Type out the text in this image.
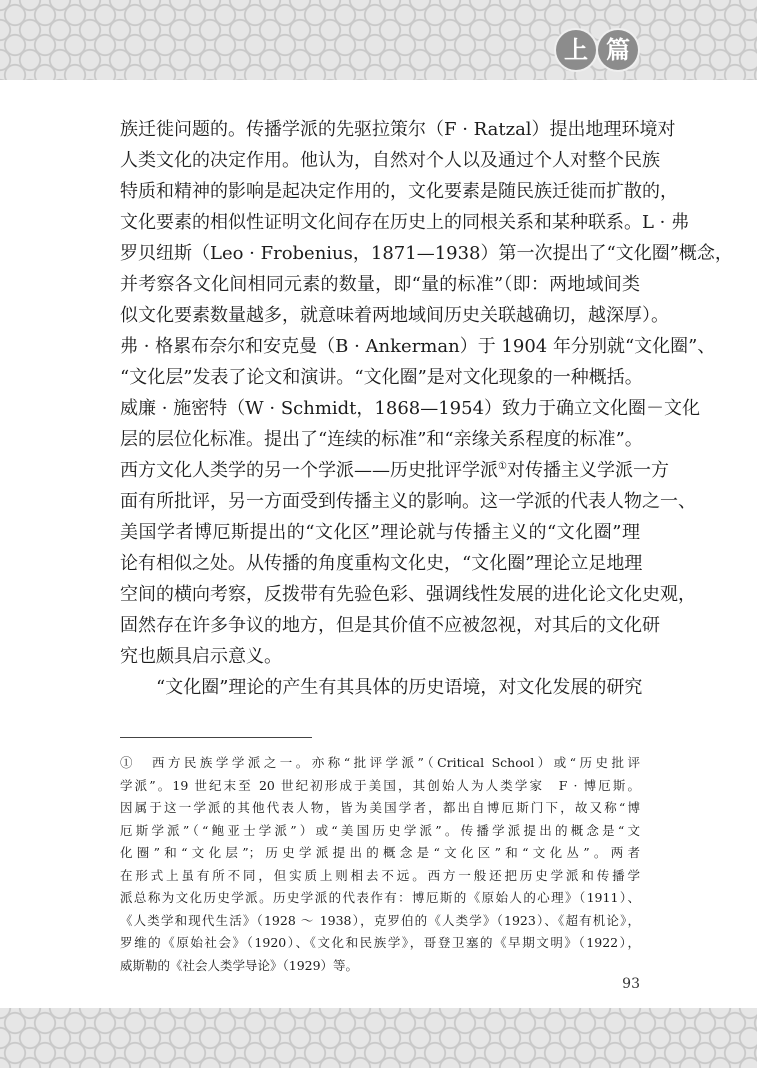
上 篇
族迁徙问题的。传播学派的先驱拉策尔（F · Ratzal）提出地理环境对
人类文化的决定作用。他认为，自然对个人以及通过个人对整个民族
特质和精神的影响是起决定作用的，文化要素是随民族迁徙而扩散的，
文化要素的相似性证明文化间存在历史上的同根关系和某种联系。L · 弗
罗贝纽斯（Leo · Frobenius，1871—1938）第一次提出了“文化圈”概念，
并考察各文化间相同元素的数量，即“量的标准”（即：两地域间类
似文化要素数量越多，就意味着两地域间历史关联越确切，越深厚）。
弗 · 格累布奈尔和安克曼（B · Ankerman）于 1904 年分别就“文化圈”、
“文化层”发表了论文和演讲。“文化圈”是对文化现象的一种概括。
威廉 · 施密特（W · Schmidt，1868—1954）致力于确立文化圈－文化
层的层位化标准。提出了“连续的标准”和“亲缘关系程度的标准”。
西方文化人类学的另一个学派——历史批评学派①对传播主义学派一方
面有所批评，另一方面受到传播主义的影响。这一学派的代表人物之一、
美国学者博厄斯提出的“文化区”理论就与传播主义的“文化圈”理
论有相似之处。从传播的角度重构文化史，“文化圈”理论立足地理
空间的横向考察，反拨带有先验色彩、强调线性发展的进化论文化史观，
固然存在许多争议的地方，但是其价值不应被忽视，对其后的文化研
究也颇具启示意义。
　　“文化圈”理论的产生有其具体的历史语境，对文化发展的研究
①　西方民族学学派之一。亦称“批评学派”（Critical School）或“历史批评
学派”。19 世纪末至 20 世纪初形成于美国，其创始人为人类学家　F · 博厄斯。
因属于这一学派的其他代表人物，皆为美国学者，都出自博厄斯门下，故又称“博
厄斯学派”（“鲍亚士学派”）或“美国历史学派”。传播学派提出的概念是“文
化圈”和“文化层”；历史学派提出的概念是“文化区”和“文化丛”。两者
在形式上虽有所不同，但实质上则相去不远。西方一般还把历史学派和传播学
派总称为文化历史学派。历史学派的代表作有：博厄斯的《原始人的心理》（1911）、
《人类学和现代生活》（1928 ～ 1938），克罗伯的《人类学》（1923）、《超有机论》，
罗维的《原始社会》（1920）、《文化和民族学》，哥登卫塞的《早期文明》（1922），
威斯勒的《社会人类学导论》（1929）等。
93
